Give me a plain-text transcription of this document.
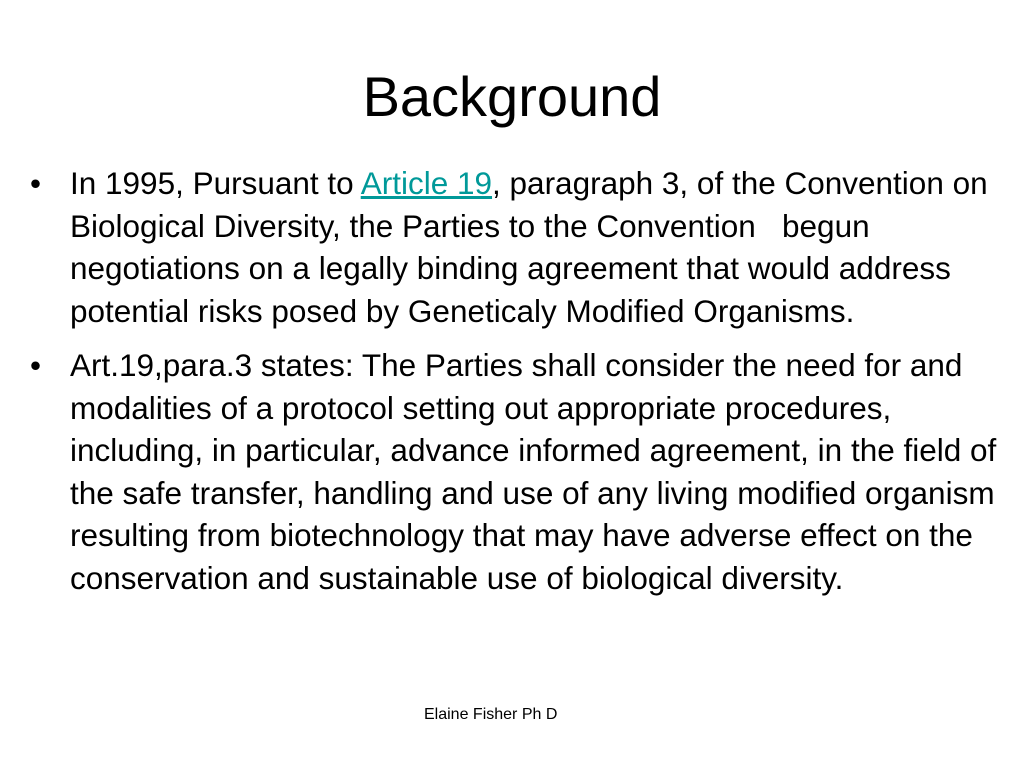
Background
• In 1995, Pursuant to Article 19, paragraph 3, of the Convention on Biological Diversity, the Parties to the Convention   begun negotiations on a legally binding agreement that would address potential risks posed by Geneticaly Modified Organisms.
• Art.19,para.3 states: The Parties shall consider the need for and modalities of a protocol setting out appropriate procedures, including, in particular, advance informed agreement, in the field of the safe transfer, handling and use of any living modified organism resulting from biotechnology that may have adverse effect on the conservation and sustainable use of biological diversity.
Elaine Fisher Ph D
